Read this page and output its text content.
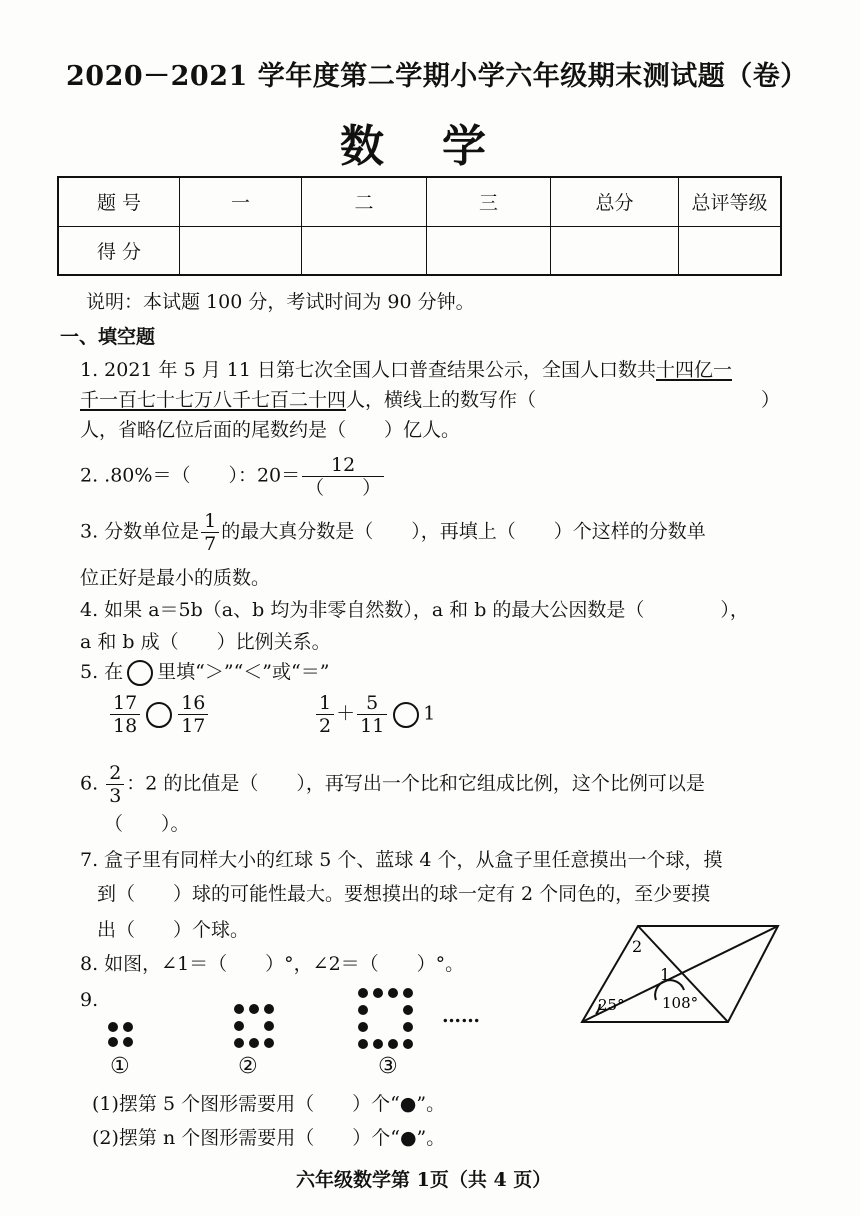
2020－2021 学年度第二学期小学六年级期末测试题（卷）
数学
题 号	一	二	三	总分	总评等级
得 分					
说明：本试题 100 分，考试时间为 90 分钟。
一、填空题
1. 2021 年 5 月 11 日第七次全国人口普查结果公示，全国人口数共十四亿一
千一百七十七万八千七百二十四人，横线上的数写作（	）
人，省略亿位后面的尾数约是（　　）亿人。
2. .80%＝（　　）：$20= \frac{12}{( )}$
3. 分数单位是 $\frac{1}{7}$ 的最大真分数是（　　），再填上（　　）个这样的分数单
位正好是最小的质数。
4. 如果 a＝5b（a、b 均为非零自然数），a 和 b 的最大公因数是（　　　　），
a 和 b 成（　　）比例关系。
5. 在 里填“＞”“＜”或“＝”
$\frac{17}{18} \frac{16}{17}$	$\frac{1}{2} + \frac{5}{11} 1$
6. $\frac{2}{3}$ ：2 的比值是（　　），再写出一个比和它组成比例，这个比例可以是
（　　）。
7. 盒子里有同样大小的红球 5 个、蓝球 4 个，从盒子里任意摸出一个球，摸
到（　　）球的可能性最大。要想摸出的球一定有 2 个同色的，至少要摸
出（　　）个球。
8. 如图，∠1＝（　　）°，∠2＝（　　）°。
2
1
25° 108°
9.
……
①	②	③
(1)摆第 5 个图形需要用（　　）个“●”。
(2)摆第 n 个图形需要用（　　）个“●”。
六年级数学第 1页（共 4 页）
